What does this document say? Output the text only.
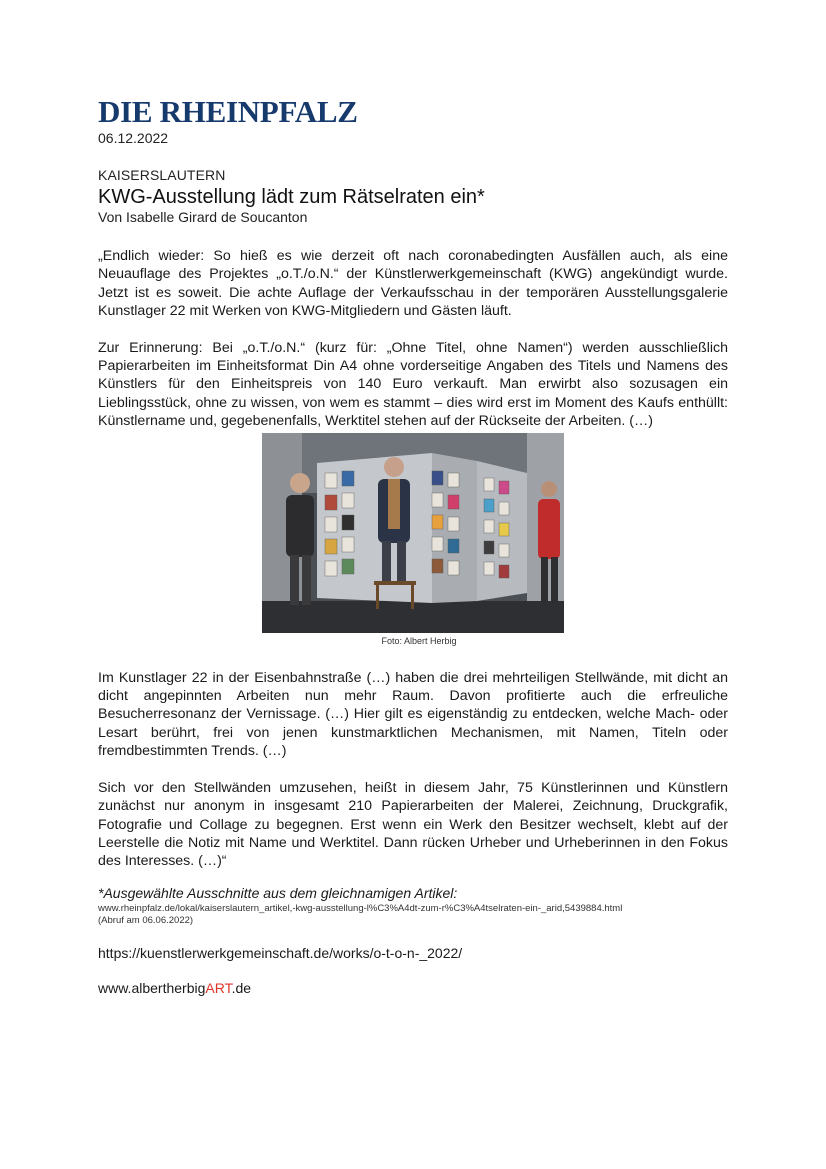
DIE RHEINPFALZ
06.12.2022
KAISERSLAUTERN
KWG-Ausstellung lädt zum Rätselraten ein*
Von Isabelle Girard de Soucanton

„Endlich wieder: So hieß es wie derzeit oft nach coronabedingten Ausfällen auch, als eine Neuauflage des Projektes „o.T./o.N.“ der Künstlerwerkgemeinschaft (KWG) angekündigt wurde. Jetzt ist es soweit. Die achte Auflage der Verkaufsschau in der temporären Ausstellungsgalerie Kunstlager 22 mit Werken von KWG-Mitgliedern und Gästen läuft.

Zur Erinnerung: Bei „o.T./o.N.“ (kurz für: „Ohne Titel, ohne Namen“) werden ausschließlich Papierarbeiten im Einheitsformat Din A4 ohne vorderseitige Angaben des Titels und Namens des Künstlers für den Einheitspreis von 140 Euro verkauft. Man erwirbt also sozusagen ein Lieblingsstück, ohne zu wissen, von wem es stammt – dies wird erst im Moment des Kaufs enthüllt: Künstlername und, gegebenenfalls, Werktitel stehen auf der Rückseite der Arbeiten. (…)

Foto: Albert Herbig

Im Kunstlager 22 in der Eisenbahnstraße (…) haben die drei mehrteiligen Stellwände, mit dicht an dicht angepinnten Arbeiten nun mehr Raum. Davon profitierte auch die erfreuliche Besucherresonanz der Vernissage. (…) Hier gilt es eigenständig zu entdecken, welche Mach- oder Lesart berührt, frei von jenen kunstmarktlichen Mechanismen, mit Namen, Titeln oder fremdbestimmten Trends. (…)

Sich vor den Stellwänden umzusehen, heißt in diesem Jahr, 75 Künstlerinnen und Künstlern zunächst nur anonym in insgesamt 210 Papierarbeiten der Malerei, Zeichnung, Druckgrafik, Fotografie und Collage zu begegnen. Erst wenn ein Werk den Besitzer wechselt, klebt auf der Leerstelle die Notiz mit Name und Werktitel. Dann rücken Urheber und Urheberinnen in den Fokus des Interesses. (…)“

*Ausgewählte Ausschnitte aus dem gleichnamigen Artikel:
www.rheinpfalz.de/lokal/kaiserslautern_artikel,-kwg-ausstellung-l%C3%A4dt-zum-r%C3%A4tselraten-ein-_arid,5439884.html
(Abruf am 06.06.2022)
https://kuenstlerwerkgemeinschaft.de/works/o-t-o-n-_2022/
www.albertherbigART.de
